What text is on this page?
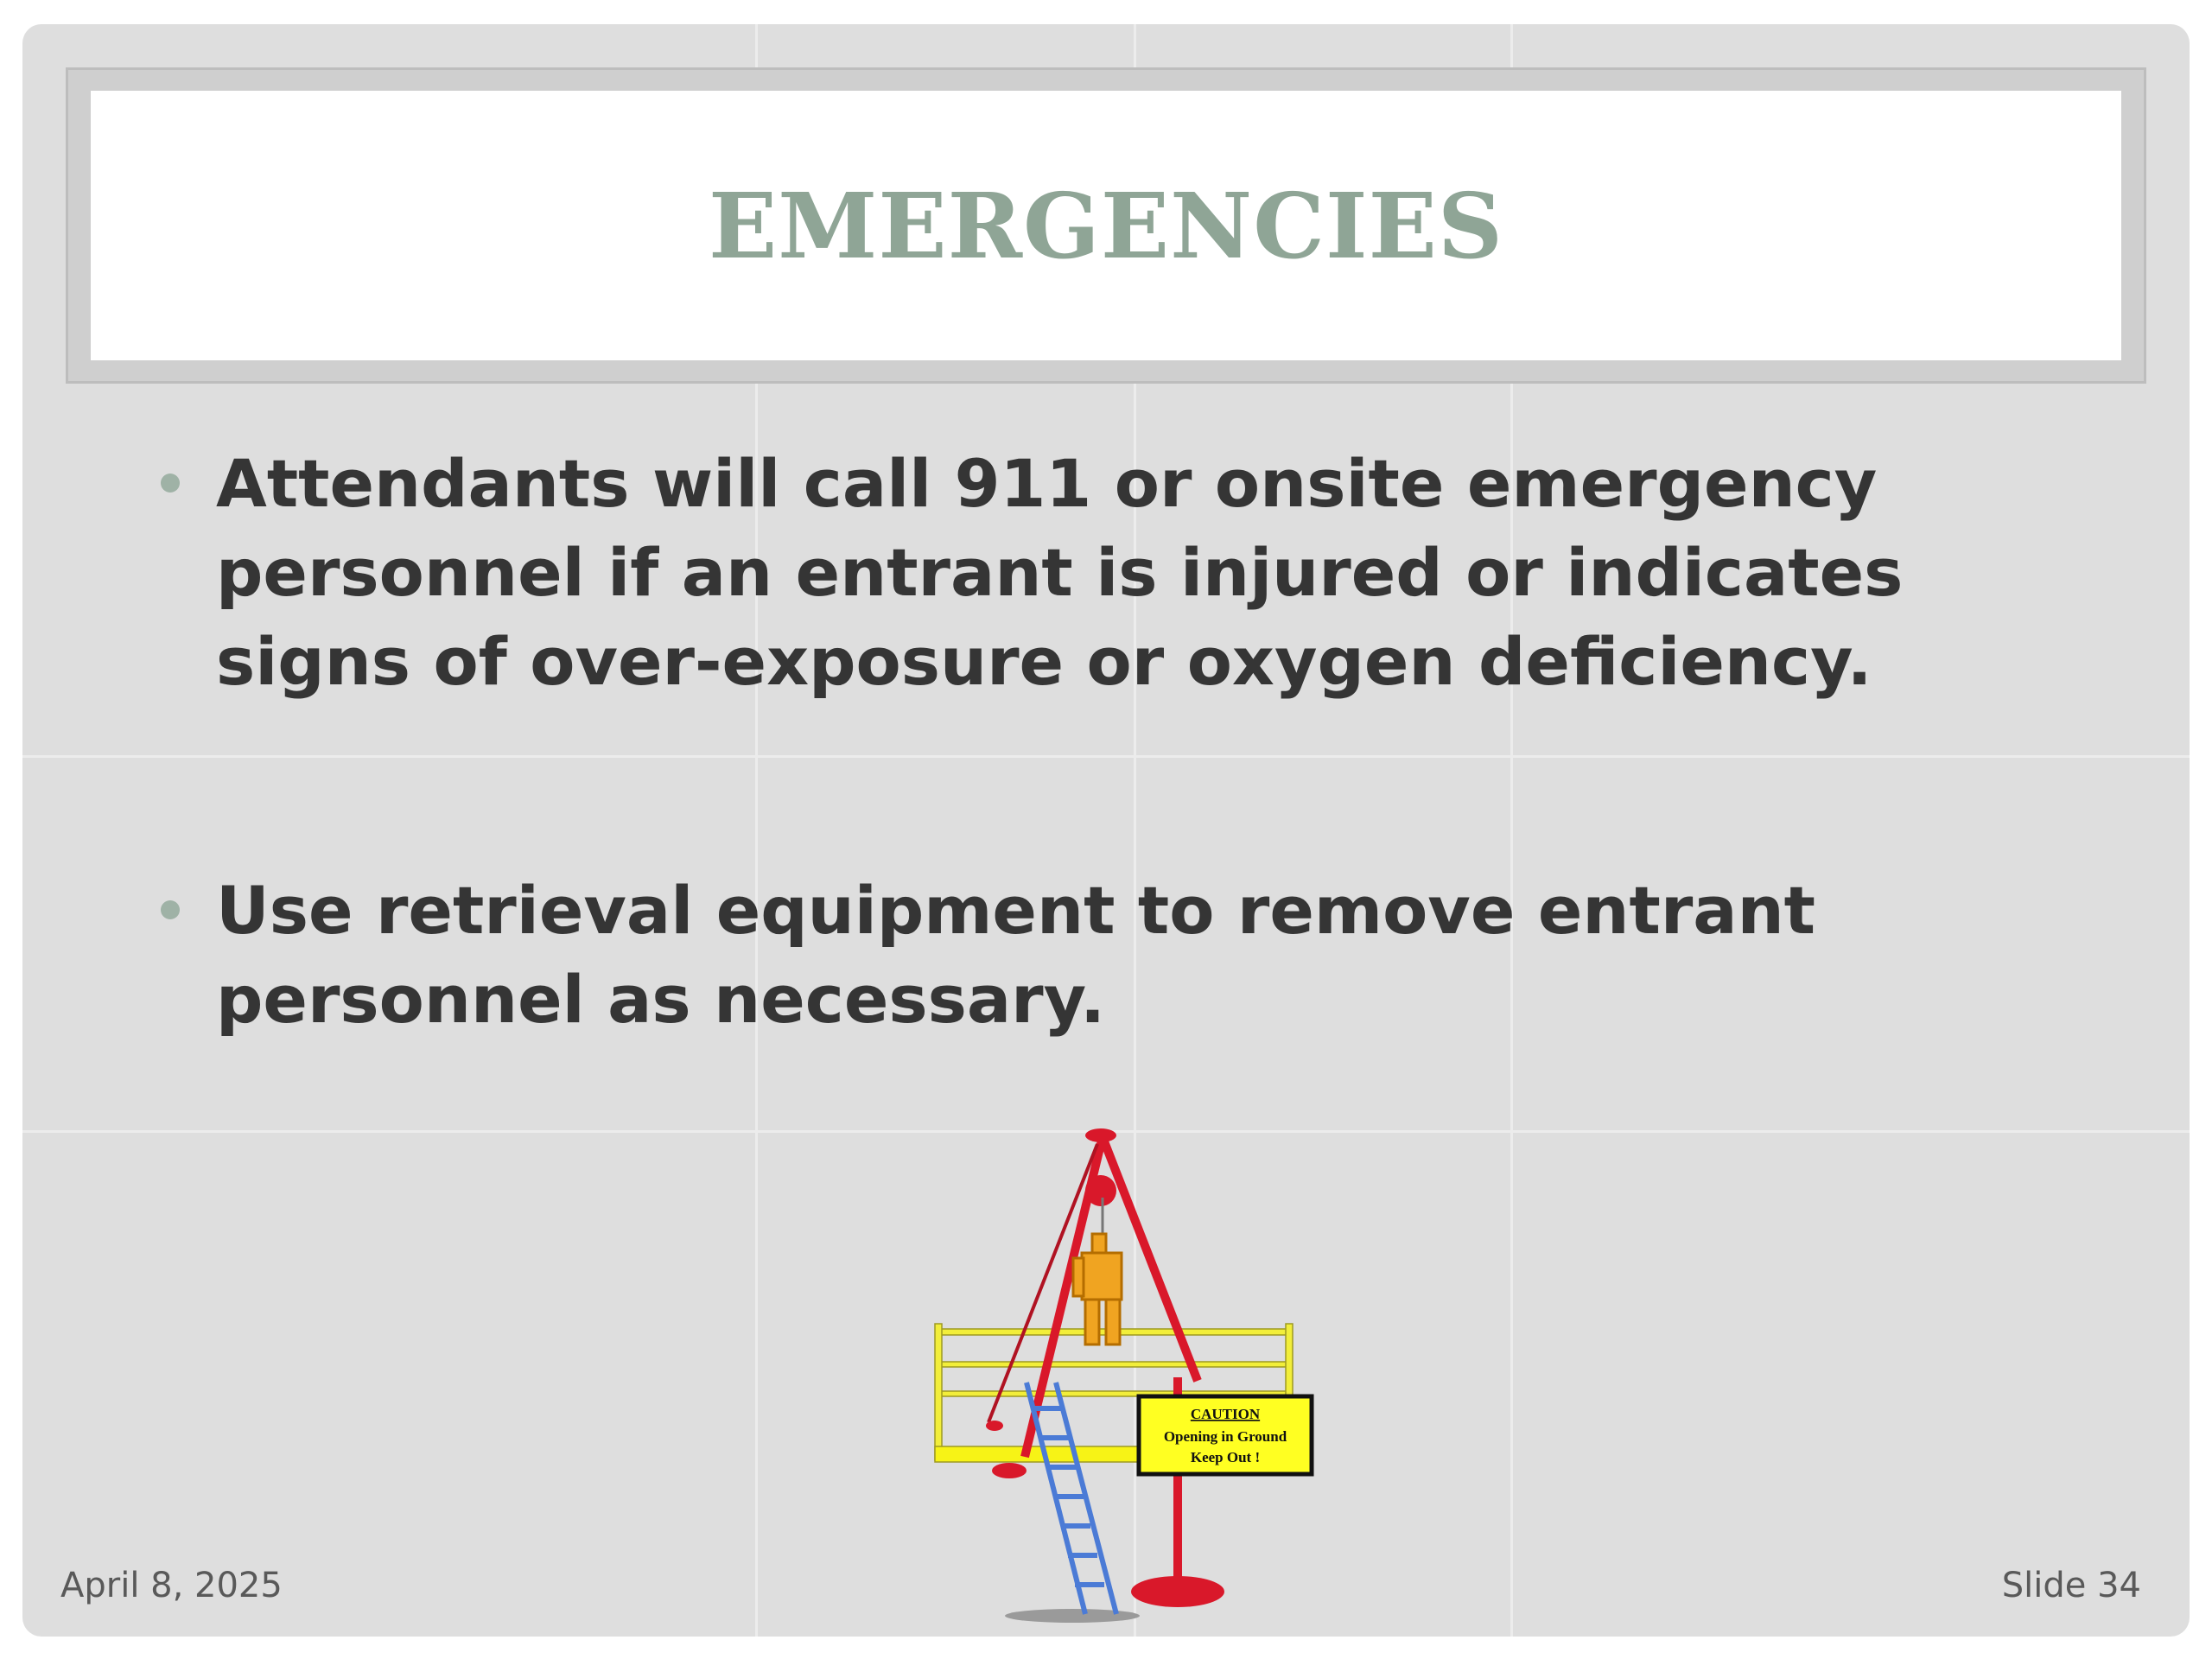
EMERGENCIES
Attendants will call 911 or onsite emergency personnel if an entrant is injured or indicates signs of over-exposure or oxygen deficiency.
Use retrieval equipment to remove entrant personnel as necessary.
CAUTION
Opening in Ground
Keep Out !
April 8, 2025	Slide 34
